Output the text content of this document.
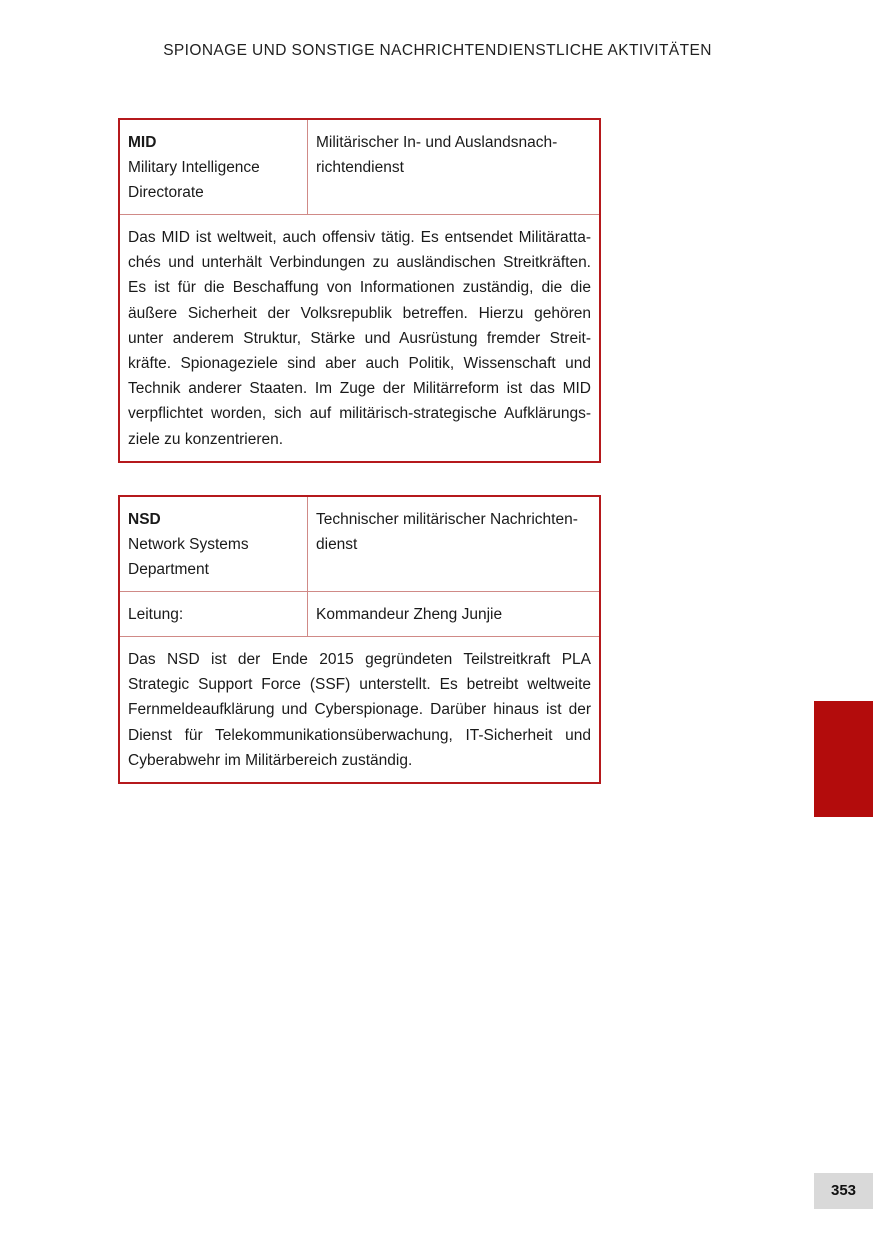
SPIONAGE UND SONSTIGE NACHRICHTENDIENSTLICHE AKTIVITÄTEN
MID
Military Intelligence
Directorate
Militärischer In- und Auslandsnachrichtendienst
Das MID ist weltweit, auch offensiv tätig. Es entsendet Militärattachés und unterhält Verbindungen zu ausländischen Streitkräften. Es ist für die Beschaffung von Informationen zuständig, die die äußere Sicherheit der Volksrepublik betreffen. Hierzu gehören unter anderem Struktur, Stärke und Ausrüstung fremder Streitkräfte. Spionageziele sind aber auch Politik, Wissenschaft und Technik anderer Staaten. Im Zuge der Militärreform ist das MID verpflichtet worden, sich auf militärisch-strategische Aufklärungsziele zu konzentrieren.
NSD
Network Systems
Department
Technischer militärischer Nachrichtendienst
Leitung:	Kommandeur Zheng Junjie
Das NSD ist der Ende 2015 gegründeten Teilstreitkraft PLA Strategic Support Force (SSF) unterstellt. Es betreibt weltweite Fernmeldeaufklärung und Cyberspionage. Darüber hinaus ist der Dienst für Telekommunikationsüberwachung, IT-Sicherheit und Cyberabwehr im Militärbereich zuständig.
353
